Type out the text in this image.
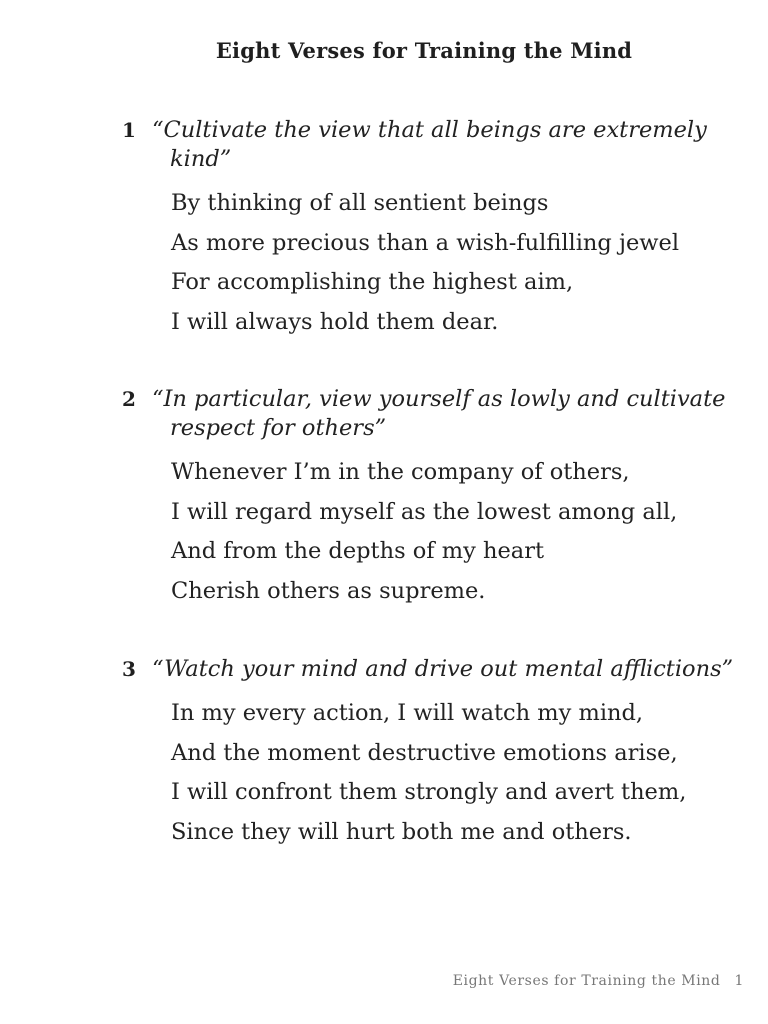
Eight Verses for Training the Mind
1 “Cultivate the view that all beings are extremely kind”
By thinking of all sentient beings
As more precious than a wish-fulfilling jewel
For accomplishing the highest aim,
I will always hold them dear.
2 “In particular, view yourself as lowly and cultivate respect for others”
Whenever I’m in the company of others,
I will regard myself as the lowest among all,
And from the depths of my heart
Cherish others as supreme.
3 “Watch your mind and drive out mental afflictions”
In my every action, I will watch my mind,
And the moment destructive emotions arise,
I will confront them strongly and avert them,
Since they will hurt both me and others.
Eight Verses for Training the Mind 1
